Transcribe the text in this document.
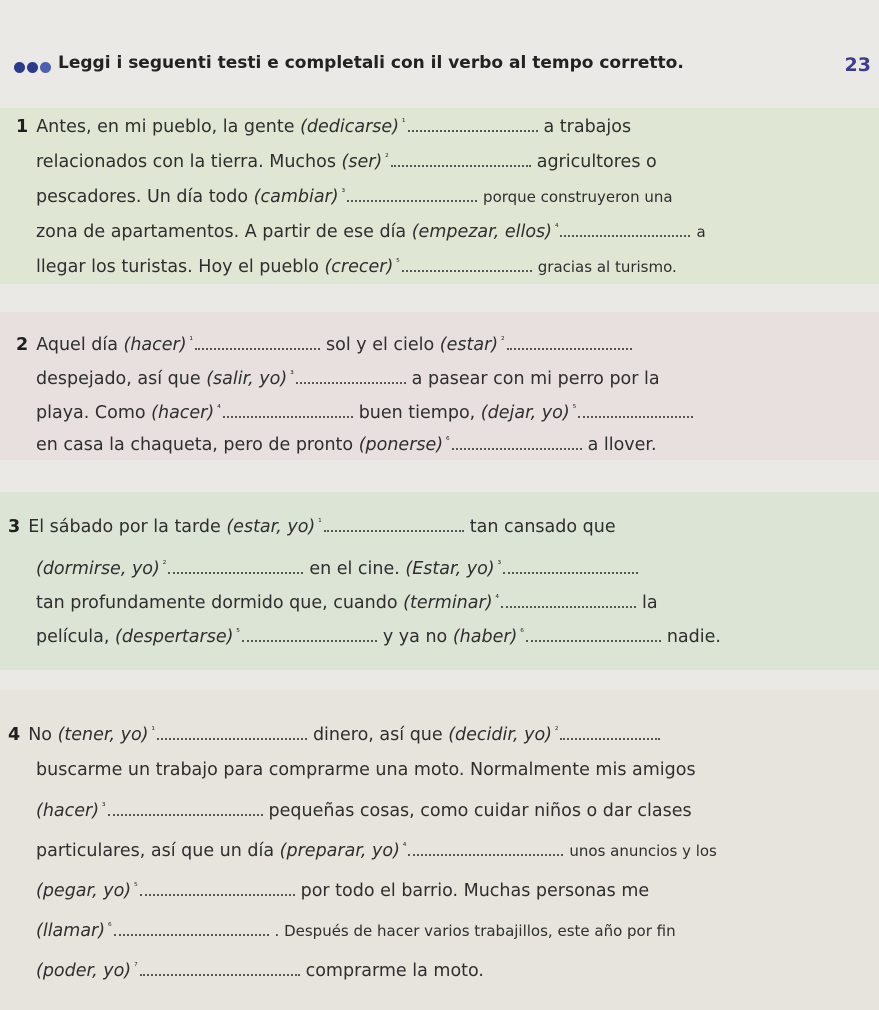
Leggi i seguenti testi e completali con il verbo al tempo corretto.	23
1 Antes, en mi pueblo, la gente (dedicarse) $^{^1}$	a trabajos
relacionados con la tierra. Muchos (ser) $^{^2}$	agricultores o
pescadores. Un día todo (cambiar) $^{^3}$	porque construyeron una
zona de apartamentos. A partir de ese día (empezar, ellos) $^{^4}$	a
llegar los turistas. Hoy el pueblo (crecer) $^{^5}$	gracias al turismo.
2 Aquel día (hacer) $^{^1}$	sol y el cielo (estar) $^{^2}$
despejado, así que (salir, yo) $^{^3}$	a pasear con mi perro por la
playa. Como (hacer) $^{^4}$	buen tiempo, (dejar, yo) $^{^5}$
en casa la chaqueta, pero de pronto (ponerse) $^{^6}$	a llover.
3 El sábado por la tarde (estar, yo) $^{^1}$	tan cansado que
(dormirse, yo) $^{^2}$	en el cine. (Estar, yo) $^{^3}$
tan profundamente dormido que, cuando (terminar) $^{^4}$	la
película, (despertarse) $^{^5}$	y ya no (haber) $^{^6}$	nadie.
4 No (tener, yo) $^{^1}$	dinero, así que (decidir, yo) $^{^2}$
buscarme un trabajo para comprarme una moto. Normalmente mis amigos
(hacer) $^{^3}$	pequeñas cosas, como cuidar niños o dar clases
particulares, así que un día (preparar, yo) $^{^4}$	unos anuncios y los
(pegar, yo) $^{^5}$	por todo el barrio. Muchas personas me
(llamar) $^{^6}$	. Después de hacer varios trabajillos, este año por fin
(poder, yo) $^{^7}$	comprarme la moto.
